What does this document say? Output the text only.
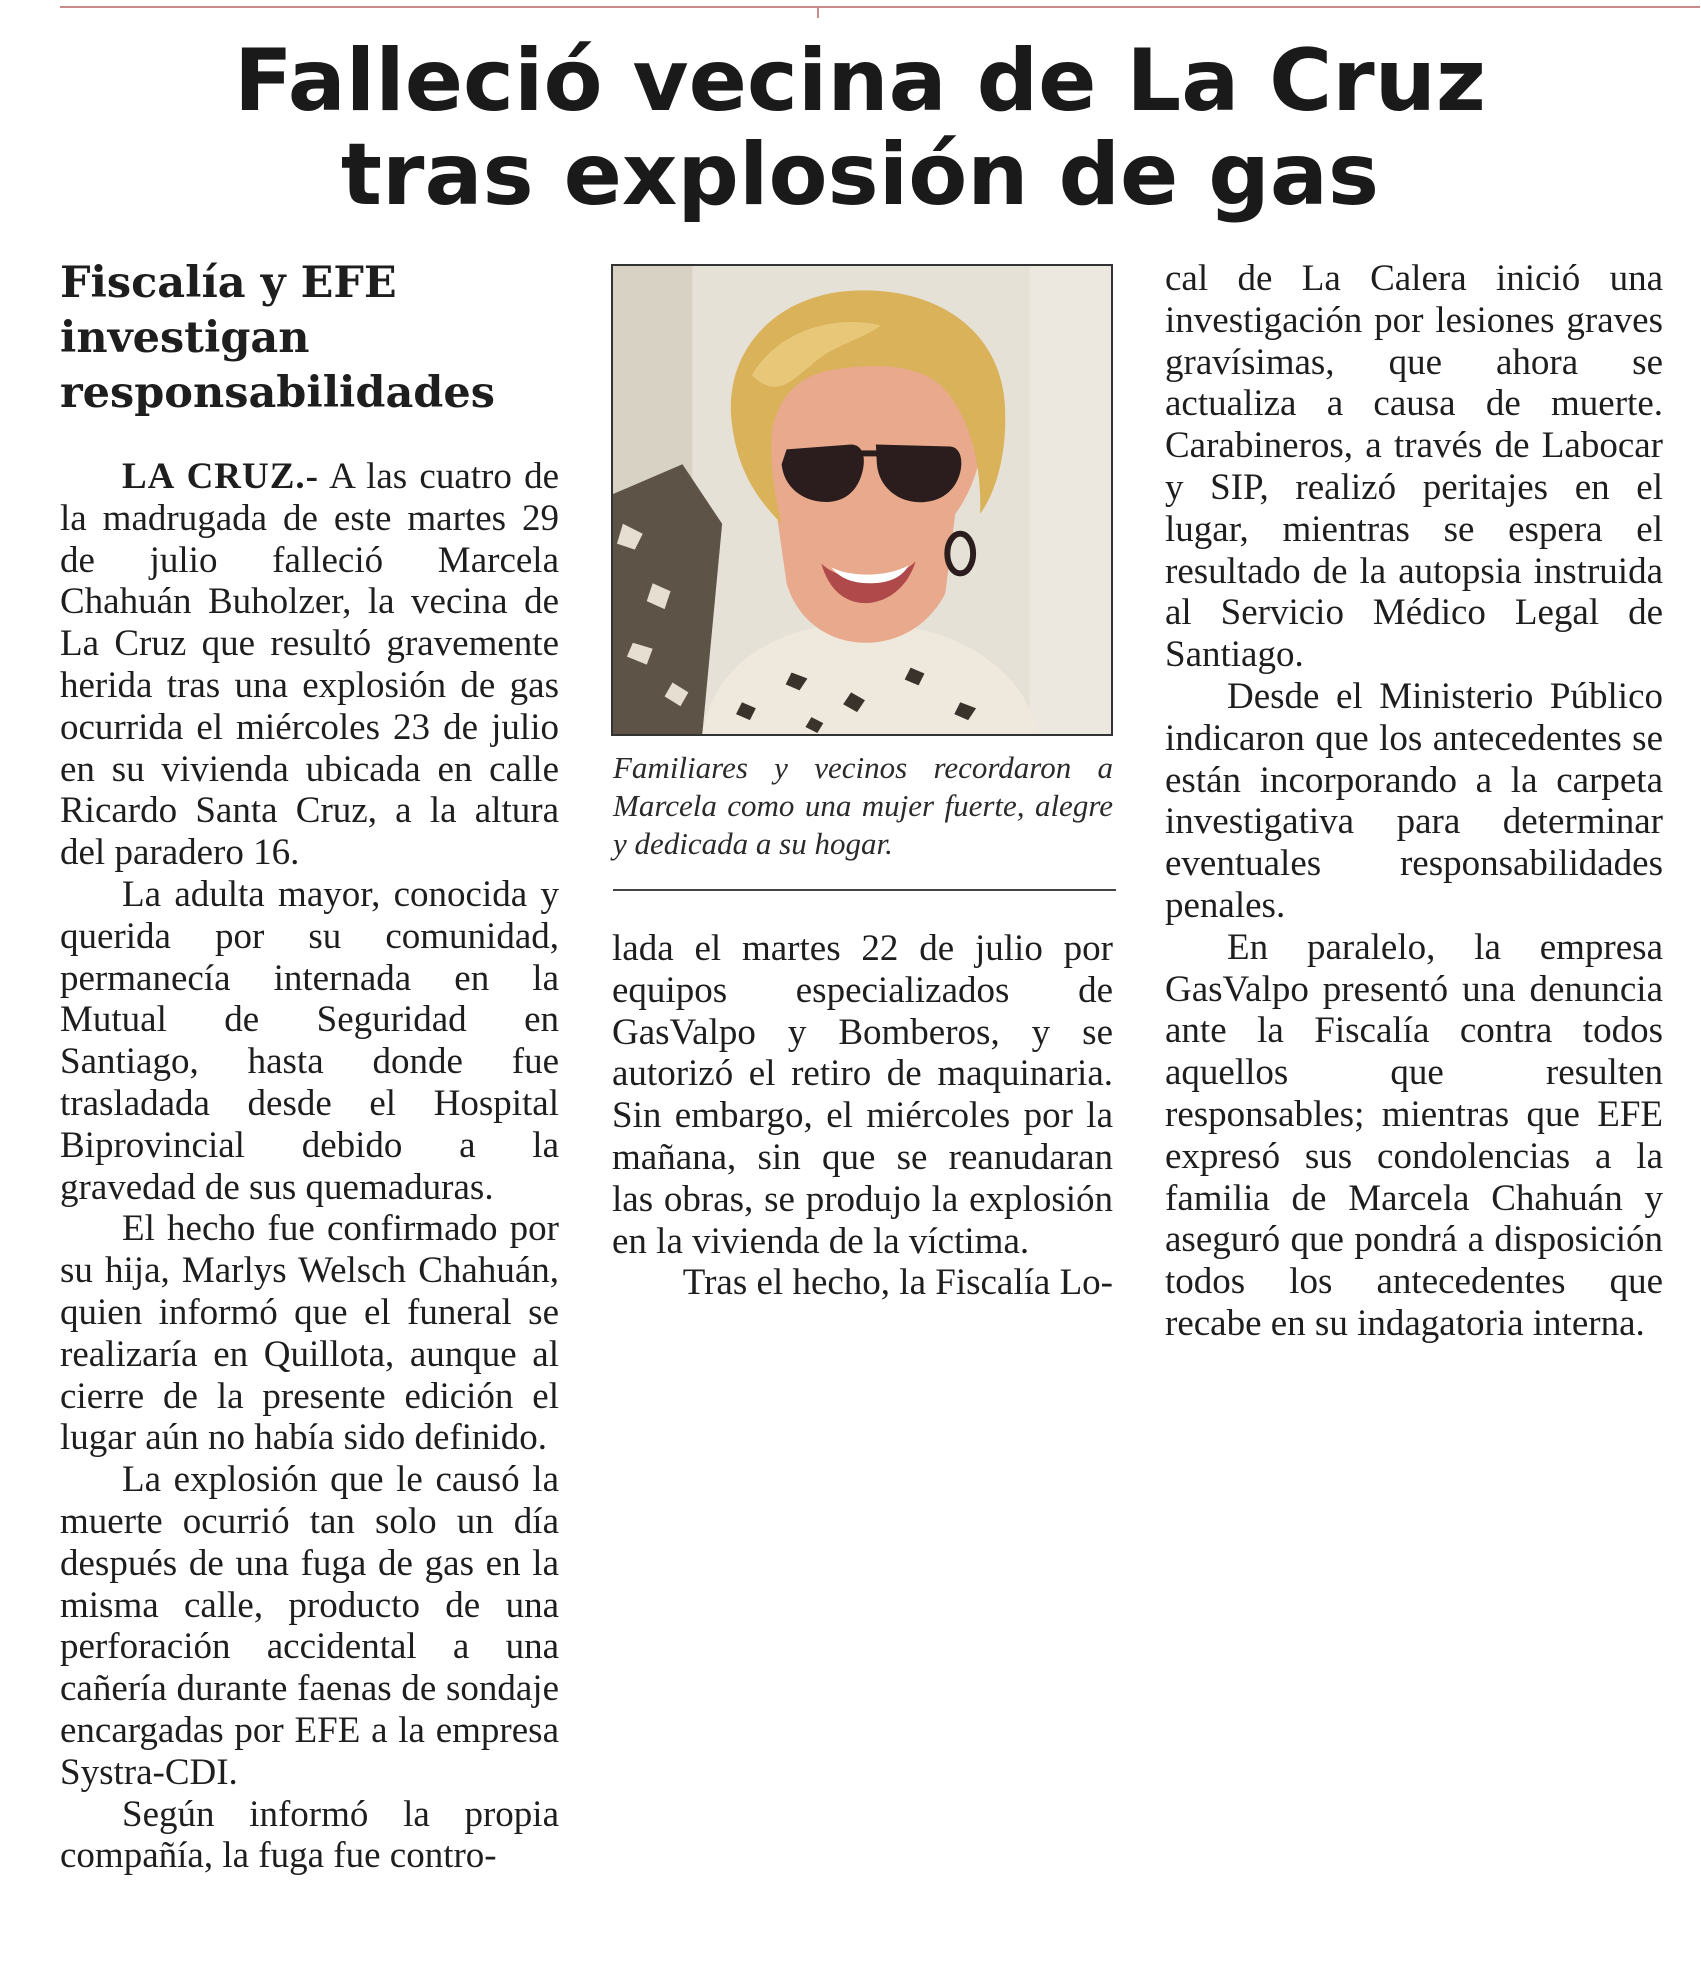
Falleció vecina de La Cruz
tras explosión de gas
Fiscalía y EFE
investigan
responsabilidades

LA CRUZ.- A las cuatro de la madrugada de este martes 29 de julio falleció Marcela Chahuán Buholzer, la vecina de La Cruz que resultó gravemente herida tras una explosión de gas ocurrida el miércoles 23 de julio en su vivienda ubicada en calle Ricardo Santa Cruz, a la altura del paradero 16.

La adulta mayor, conocida y querida por su comunidad, permanecía internada en la Mutual de Seguridad en Santiago, hasta donde fue trasladada desde el Hospital Biprovincial debido a la gravedad de sus quemaduras.

El hecho fue confirmado por su hija, Marlys Welsch Chahuán, quien informó que el funeral se realizaría en Quillota, aunque al cierre de la presente edición el lugar aún no había sido definido.

La explosión que le causó la muerte ocurrió tan solo un día después de una fuga de gas en la misma calle, producto de una perforación accidental a una cañería durante faenas de sondaje encargadas por EFE a la empresa Systra-CDI.

Según informó la propia compañía, la fuga fue contro-

Familiares y vecinos recordaron a Marcela como una mujer fuerte, alegre y dedicada a su hogar.

lada el martes 22 de julio por equipos especializados de GasValpo y Bomberos, y se autorizó el retiro de maquinaria. Sin embargo, el miércoles por la mañana, sin que se reanudaran las obras, se produjo la explosión en la vivienda de la víctima.

Tras el hecho, la Fiscalía Lo-

cal de La Calera inició una investigación por lesiones graves gravísimas, que ahora se actualiza a causa de muerte. Carabineros, a través de Labocar y SIP, realizó peritajes en el lugar, mientras se espera el resultado de la autopsia instruida al Servicio Médico Legal de Santiago.

Desde el Ministerio Público indicaron que los antecedentes se están incorporando a la carpeta investigativa para determinar eventuales responsabilidades penales.

En paralelo, la empresa GasValpo presentó una denuncia ante la Fiscalía contra todos aquellos que resulten responsables; mientras que EFE expresó sus condolencias a la familia de Marcela Chahuán y aseguró que pondrá a disposición todos los antecedentes que recabe en su indagatoria interna.
